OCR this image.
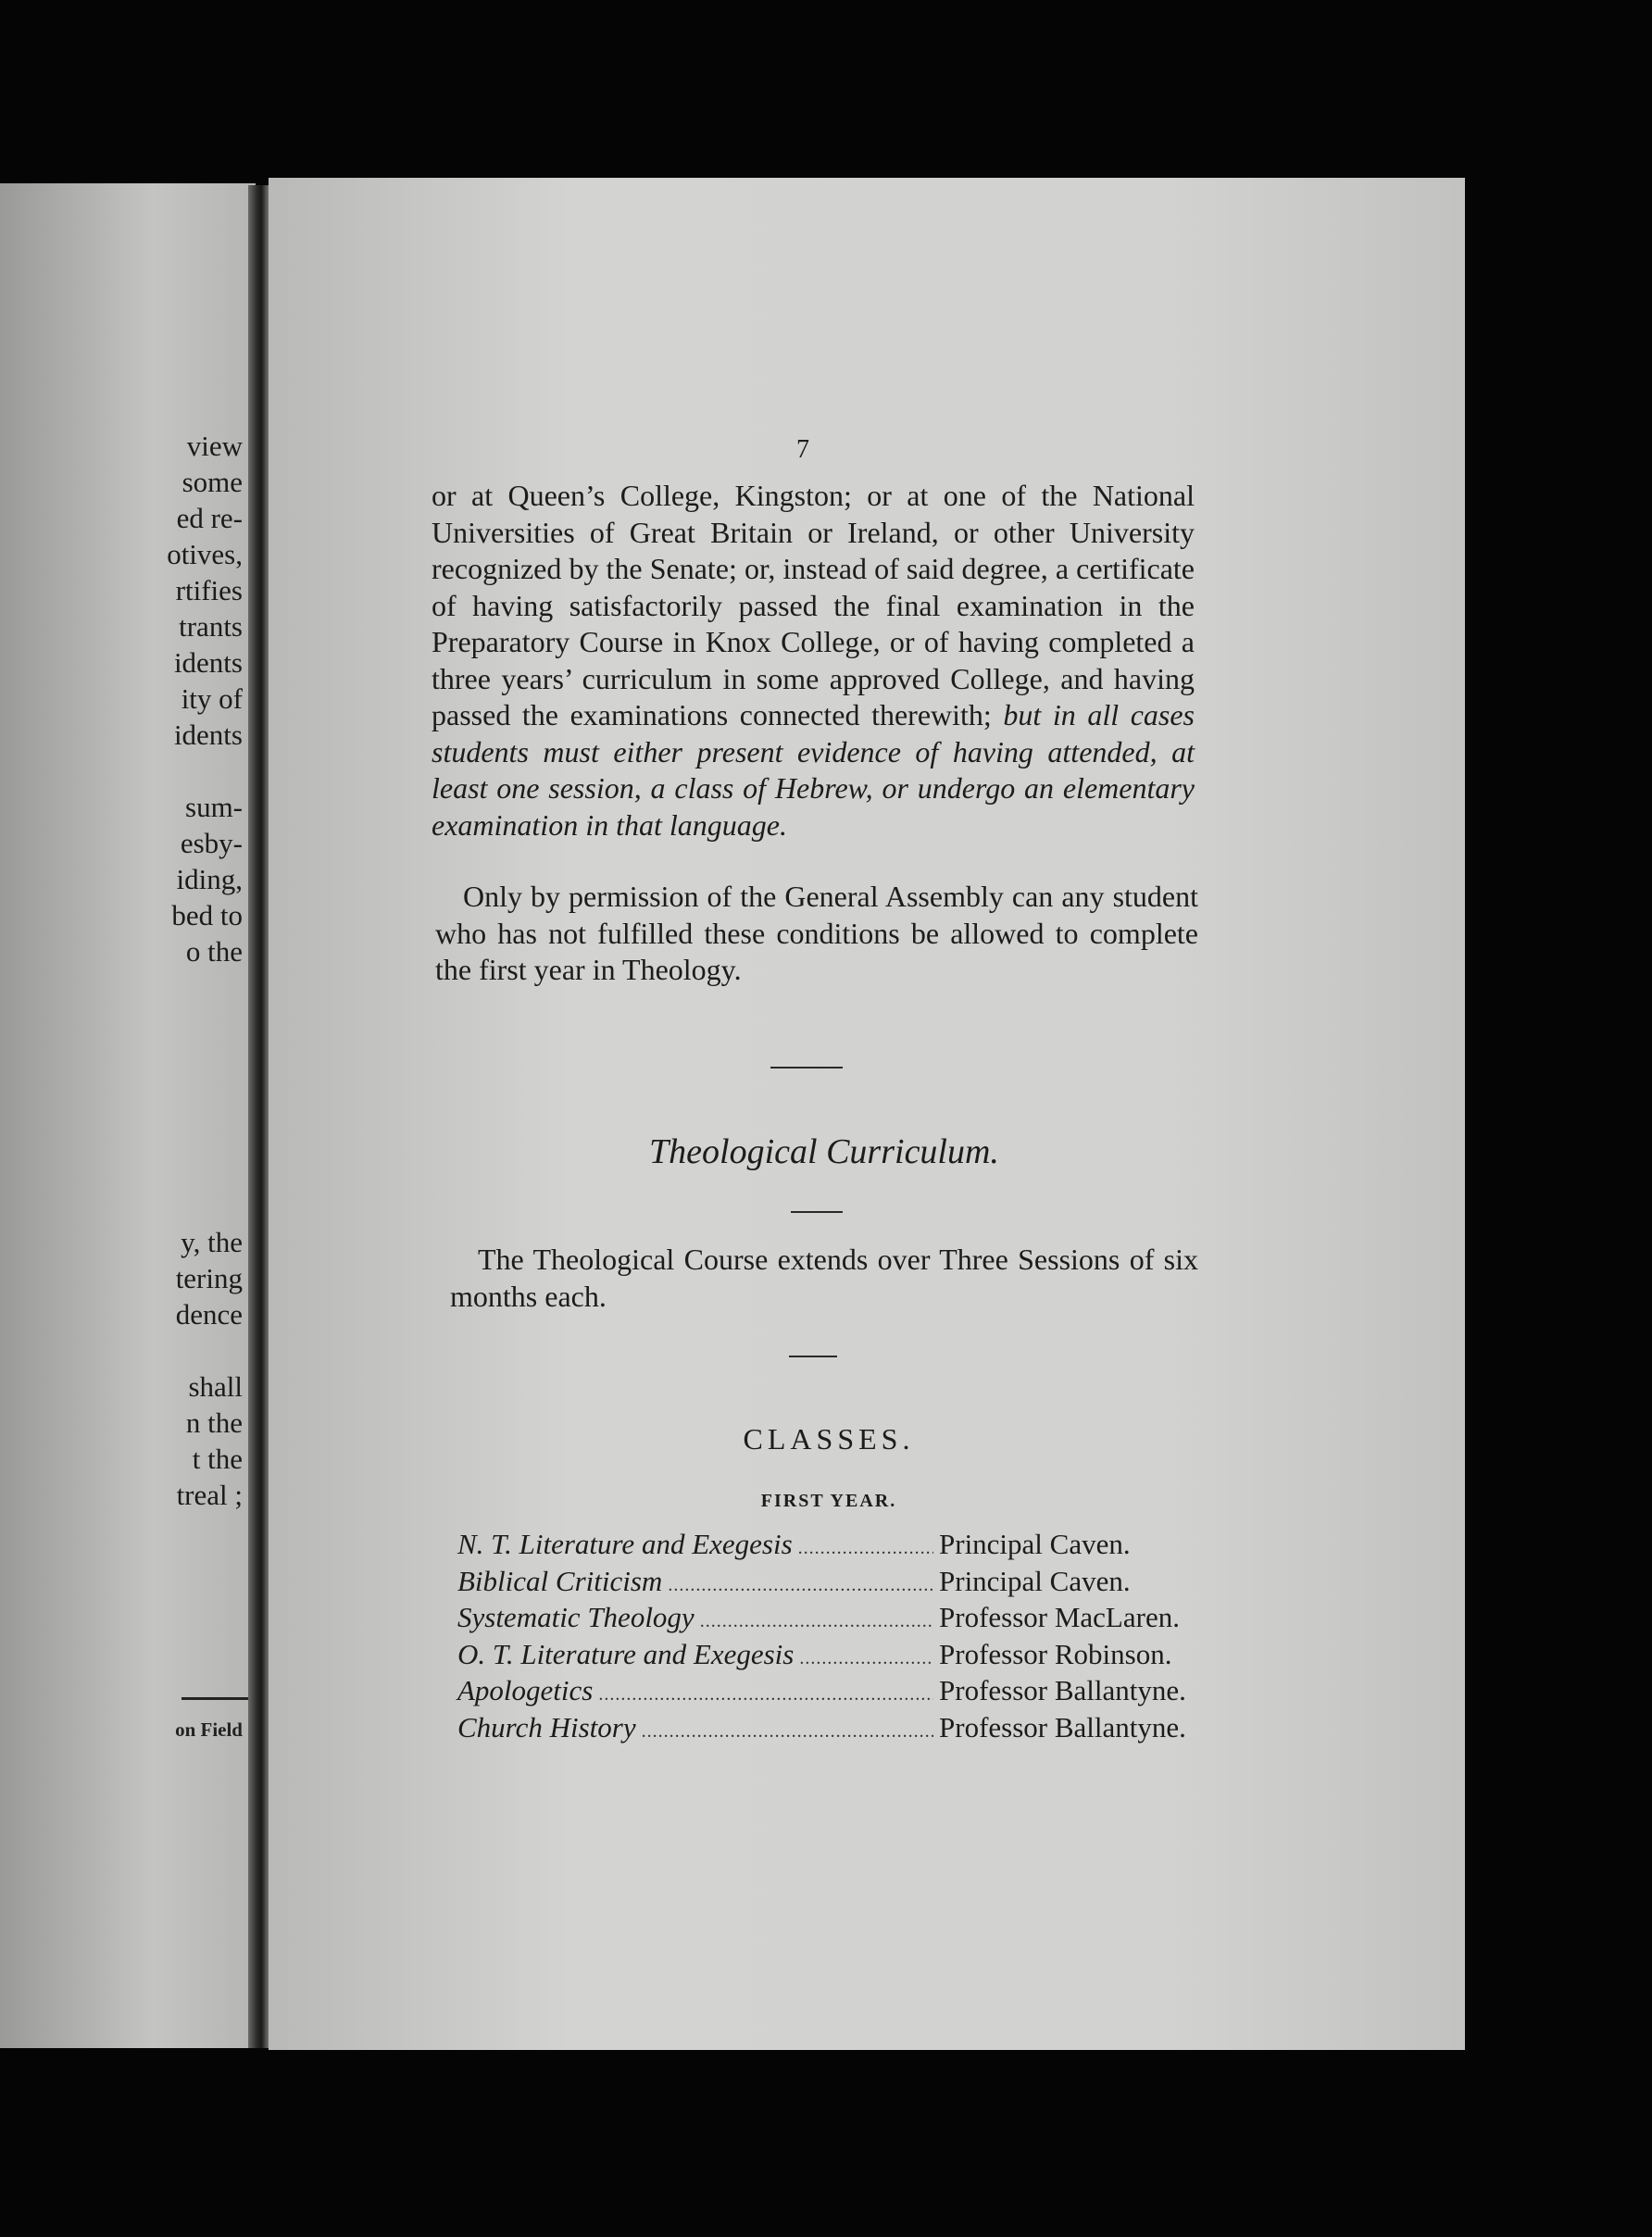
on Field
view
some
ed re-
otives,
rtifies
trants
idents
ity of
idents
sum-
esby-
iding,
bed to
o the
y, the
tering
dence
shall
n the
t the
treal ;
7

or at Queen’s College, Kingston; or at one of the National Universities of Great Britain or Ireland, or other University recognized by the Senate; or, instead of said degree, a certificate of having satisfactorily passed the final examination in the Preparatory Course in Knox College, or of having completed a three years’ curriculum in some approved College, and having passed the examinations connected therewith; but in all cases students must either present evidence of having attended, at least one session, a class of Hebrew, or undergo an elementary examination in that language.

Only by permission of the General Assembly can any student who has not fulfilled these conditions be allowed to complete the first year in Theology.

Theological Curriculum.

The Theological Course extends over Three Sessions of six months each.

CLASSES.
FIRST YEAR.
N. T. Literature and Exegesis .....	Principal Caven.
Biblical Criticism .....	Principal Caven.
Systematic Theology .....	Professor MacLaren.
O. T. Literature and Exegesis .....	Professor Robinson.
Apologetics .....	Professor Ballantyne.
Church History .....	Professor Ballantyne.
